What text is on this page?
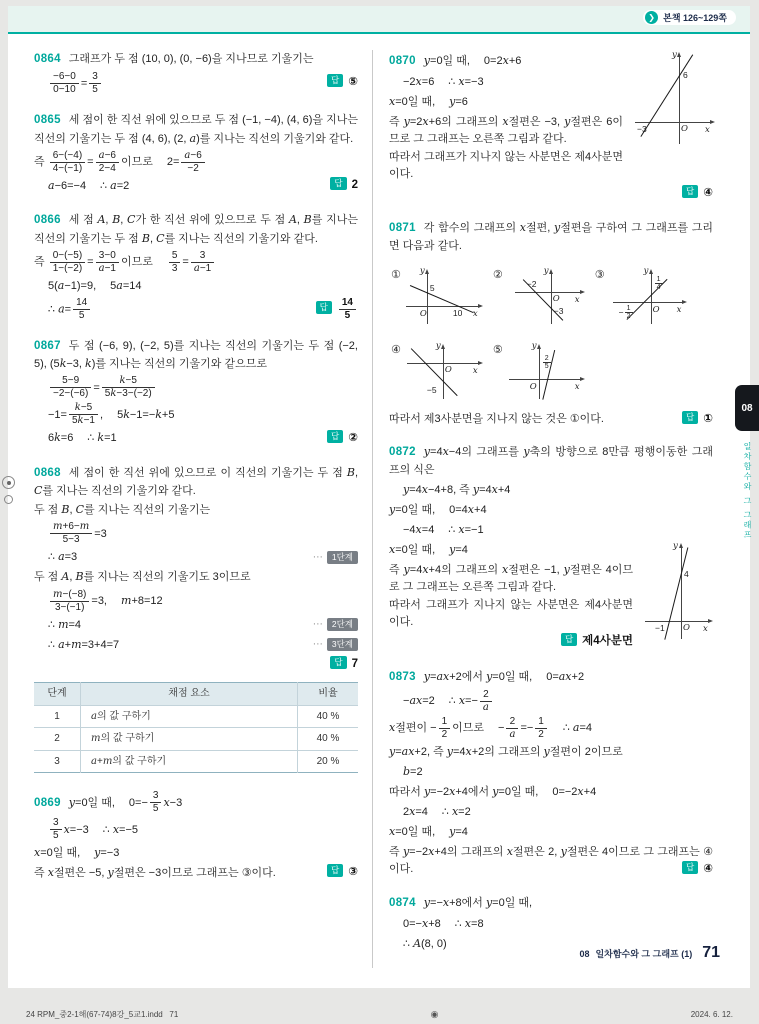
❯ 본책 126~129쪽
0864 그래프가 두 점 (10, 0), (0, −6)을 지나므로 기울기는
$\frac{-6-0}{0-10} = \frac{3}{5}$	답 ⑤
0865 세 점이 한 직선 위에 있으므로 두 점 (−1, −4), (4, 6)을 지나는 직선의 기울기는 두 점 (4, 6), (2, a)를 지나는 직선의 기울기와 같다.
즉 $\frac{6-(-4)}{4-(-1)} = \frac{a-6}{2-4}$ 이므로 $2= \frac{a-6}{-2}$
a−6=−4 ∴ a=2	답 2
0866 세 점 A, B, C가 한 직선 위에 있으므로 두 점 A, B를 지나는 직선의 기울기는 두 점 B, C를 지나는 직선의 기울기와 같다.
즉 $\frac{0-(-5)}{1-(-2)} = \frac{3-0}{a-1}$ 이므로 $\frac{5}{3} = \frac{3}{a-1}$
5(a−1)=9, 5a=14
∴ $a= \frac{14}{5}$	답 $\frac{14}{5}$
0867 두 점 (−6, 9), (−2, 5)를 지나는 직선의 기울기는 두 점 (−2, 5), (5k−3, k)를 지나는 직선의 기울기와 같으므로
$\frac{5-9}{-2-(-6)} = \frac{k-5}{5k-3-(-2)}$
$-1= \frac{k-5}{5k-1}$ , 5k−1=−k+5
6k=6 ∴ k=1	답 ②
0868 세 점이 한 직선 위에 있으므로 이 직선의 기울기는 두 점 B, C를 지나는 직선의 기울기와 같다.
두 점 B, C를 지나는 직선의 기울기는
$\frac{m+6-m}{5-3} =3$
∴ a=3	⋯	1단계
두 점 A, B를 지나는 직선의 기울기도 3이므로
$\frac{m-(-8)}{3-(-1)} =3$, m+8=12
∴ m=4	⋯	2단계
∴ a+m=3+4=7	⋯	3단계
답 7
단계	채점 요소	비율
1	a의 값 구하기	40 %
2	m의 값 구하기	40 %
3	a+m의 값 구하기	20 %
0869 y=0일 때, $0=- \frac{3}{5} x-3$
$\frac{3}{5} x=-3$ ∴ x=−5
x=0일 때, y=−3
즉 x절편은 −5, y절편은 −3이므로 그래프는 ③이다.	답 ③
y
6
−3	O x
0870 y=0일 때, 0=2x+6
−2x=6 ∴ x=−3
x=0일 때, y=6
즉 y=2x+6의 그래프의 x절편은 −3, y절편은 6이므로 그 그래프는 오른쪽 그림과 같다.
따라서 그래프가 지나지 않는 사분면은 제4사분면이다.
답 ④
0871 각 함수의 그래프의 x절편, y절편을 구하여 그 그래프를 그리면 다음과 같다.
① y
5
O	10 x
②	y
−2
O
−3
x
③	y
$\frac{1}{4}$
− $\frac{1}{2}$ O x
④	y
O
−5
x
⑤	y
$\frac{2}{5}$
O	x
따라서 제3사분면을 지나지 않는 것은 ①이다.	답 ①
0872 y=4x−4의 그래프를 y축의 방향으로 8만큼 평행이동한 그래프의 식은
y=4x−4+8, 즉 y=4x+4
y=0일 때, 0=4x+4
−4x=4 ∴ x=−1
y
4
−1 O x
x=0일 때, y=4
즉 y=4x+4의 그래프의 x절편은 −1, y절편은 4이므로 그 그래프는 오른쪽 그림과 같다.
따라서 그래프가 지나지 않는 사분면은 제4사분면이다.
답 제4사분면
0873 y=ax+2에서 y=0일 때, 0=ax+2
−ax=2 ∴ $x=- \frac{2}{a}$
x절편이 − $\frac{1}{2}$ 이므로 − $\frac{2}{a} =- \frac{1}{2}$ ∴ a=4
y=ax+2, 즉 y=4x+2의 그래프의 y절편이 2이므로
b=2
따라서 y=−2x+4에서 y=0일 때, 0=−2x+4
2x=4 ∴ x=2
x=0일 때, y=4
즉 y=−2x+4의 그래프의 x절편은 2, y절편은 4이므로 그 그래프는 ④이다.	답 ④
0874 y=−x+8에서 y=0일 때,
0=−x+8 ∴ x=8
∴ A(8, 0)
08 일차함수와 그 그래프 (1) 71
08
일차함수와 그 그래프
24 RPM_중2-1해(67-74)8강_5교1.indd   71	◉	2024. 6. 12.
